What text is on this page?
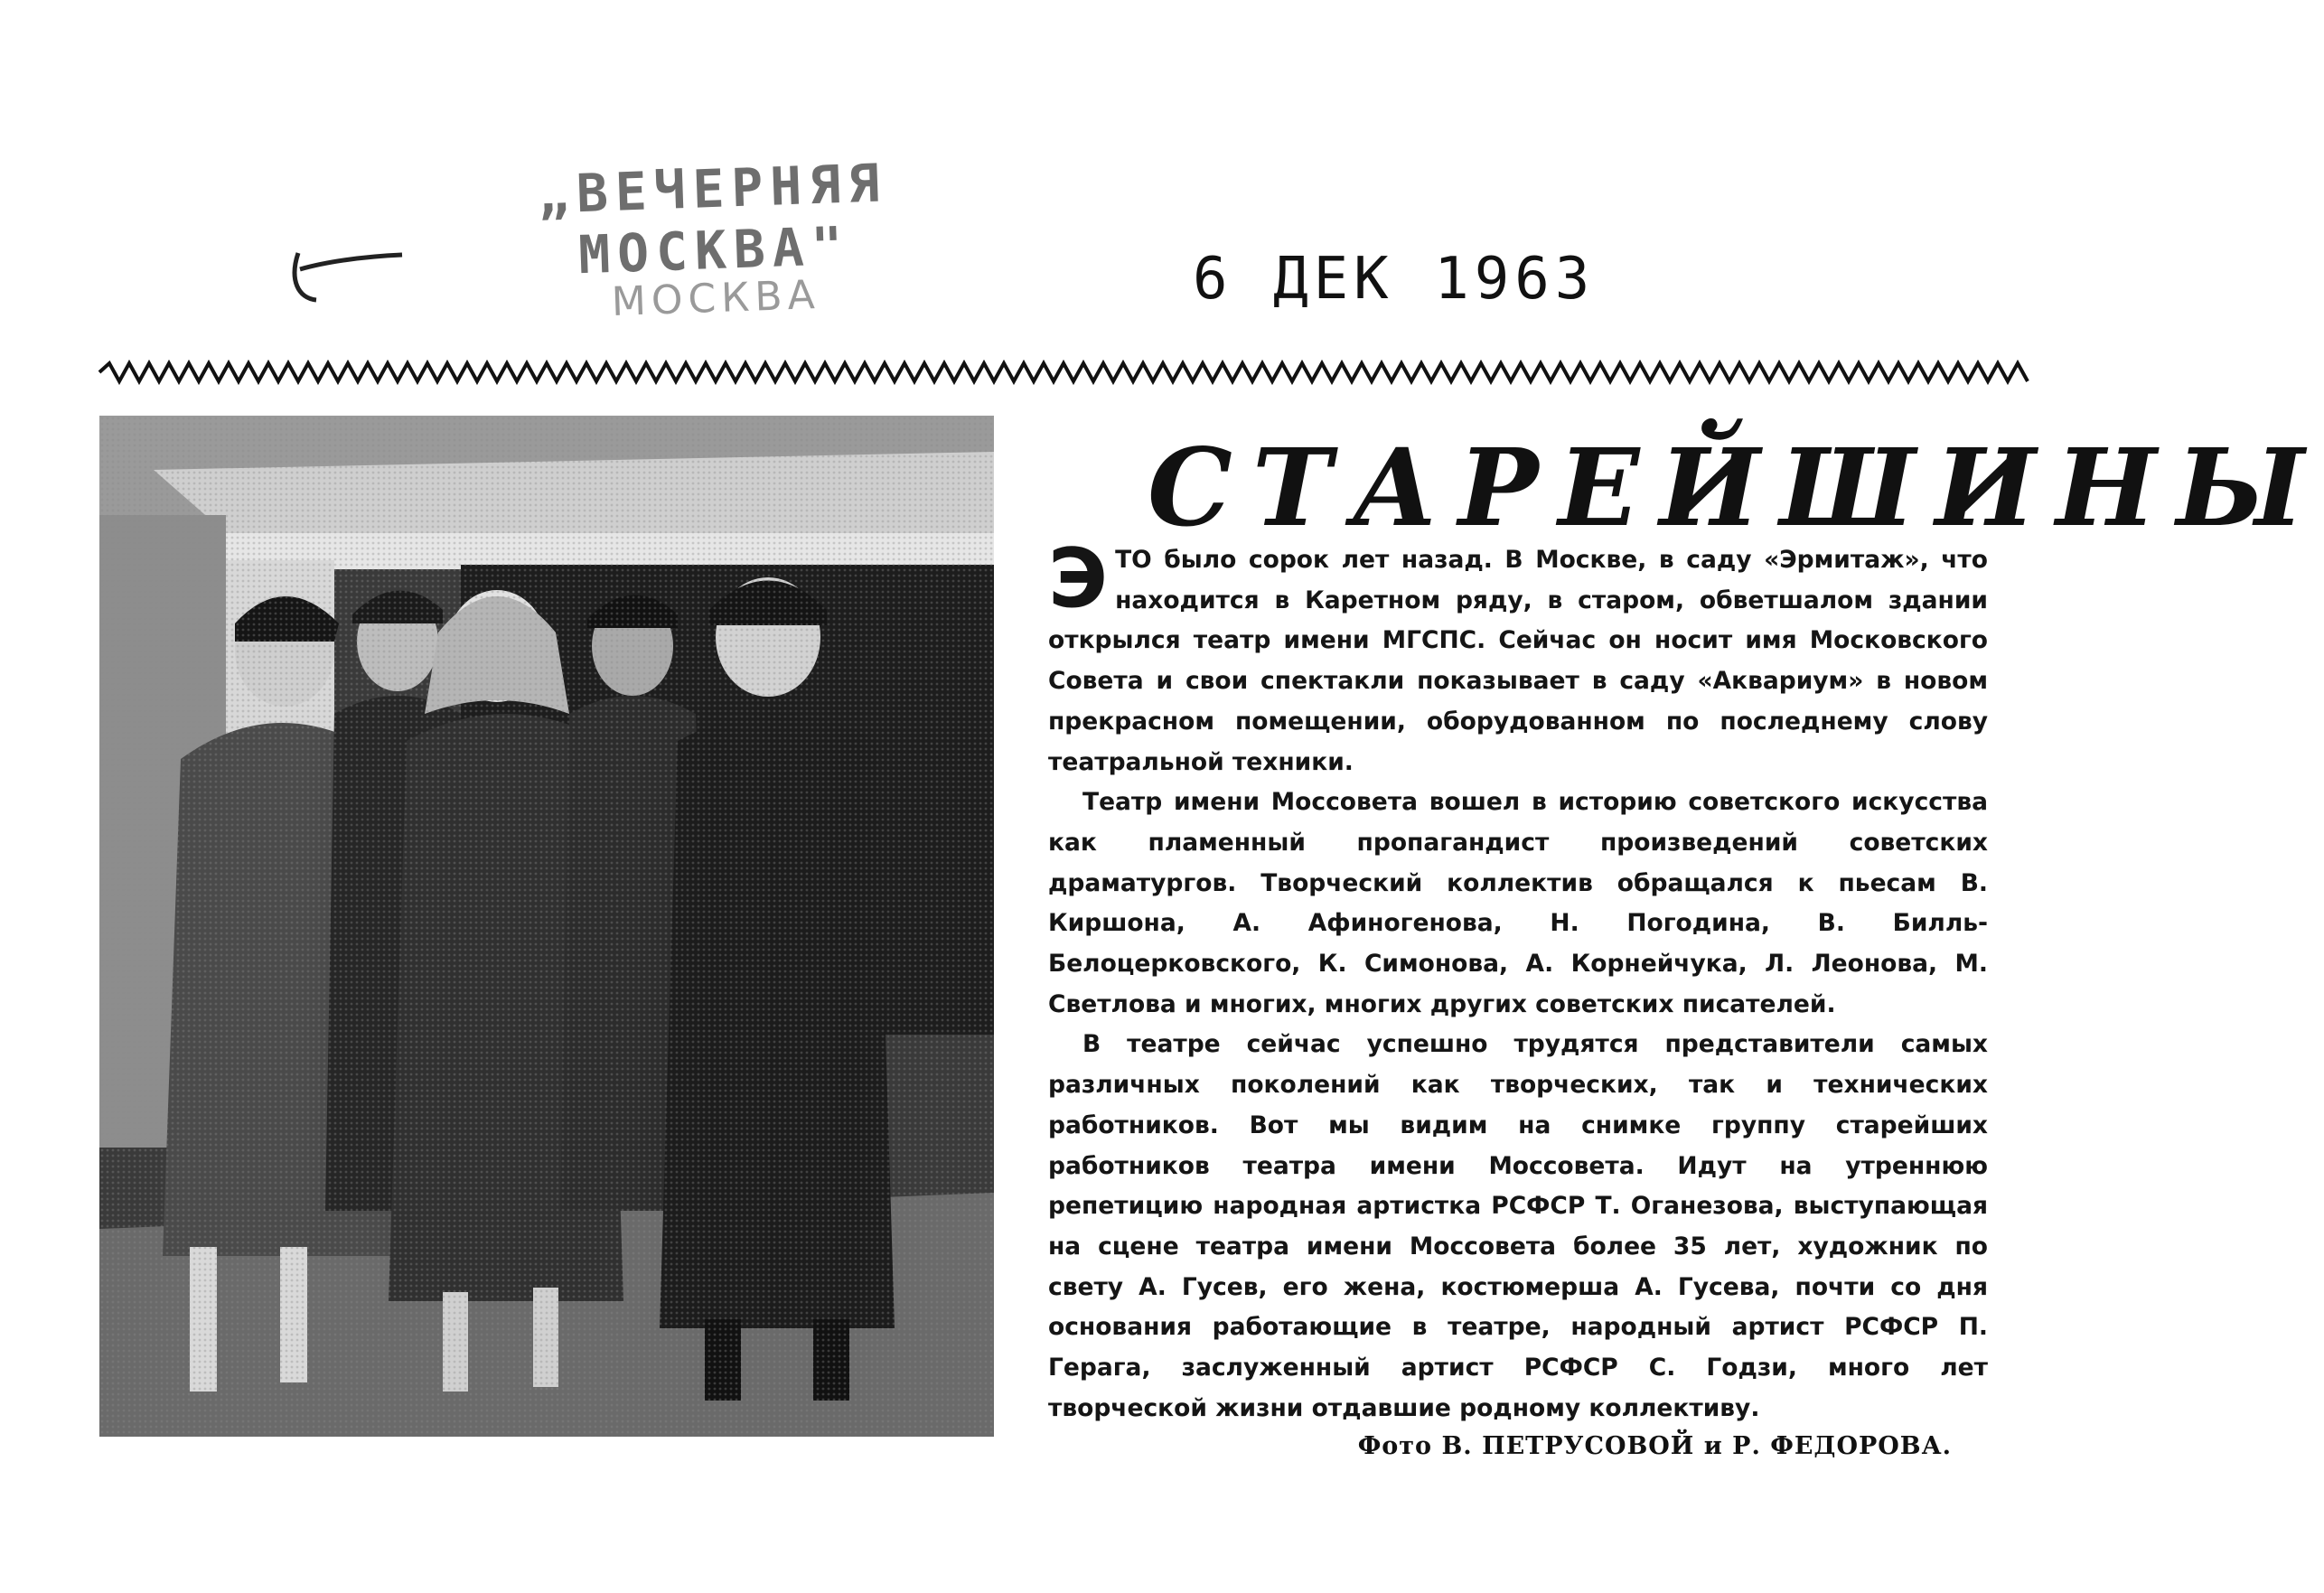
„ВЕЧЕРНЯЯ МОСКВА"
МОСКВА	6 ДЕК 1963
СТАРЕЙШИНЫ

ЭТО было сорок лет назад. В Москве, в саду «Эрмитаж», что находится в Каретном ряду, в старом, обветшалом здании открылся театр имени МГСПС. Сейчас он носит имя Московского Совета и свои спектакли показывает в саду «Аквариум» в новом прекрасном помещении, оборудованном по последнему слову театральной техники.

Театр имени Моссовета вошел в историю советского искусства как пламенный пропагандист произведений советских драматургов. Творческий коллектив обращался к пьесам В. Киршона, А. Афиногенова, Н. Погодина, В. Билль-Белоцерковского, К. Симонова, А. Корнейчука, Л. Леонова, М. Светлова и многих, многих других советских писателей.

В театре сейчас успешно трудятся представители самых различных поколений как творческих, так и технических работников. Вот мы видим на снимке группу старейших работников театра имени Моссовета. Идут на утреннюю репетицию народная артистка РСФСР Т. Оганезова, выступающая на сцене театра имени Моссовета более 35 лет, художник по свету А. Гусев, его жена, костюмерша А. Гусева, почти со дня основания работающие в театре, народный артист РСФСР П. Герага, заслуженный артист РСФСР С. Годзи, много лет творческой жизни отдавшие родному коллективу.

Фото В. ПЕТРУСОВОЙ и Р. ФЕДОРОВА.
